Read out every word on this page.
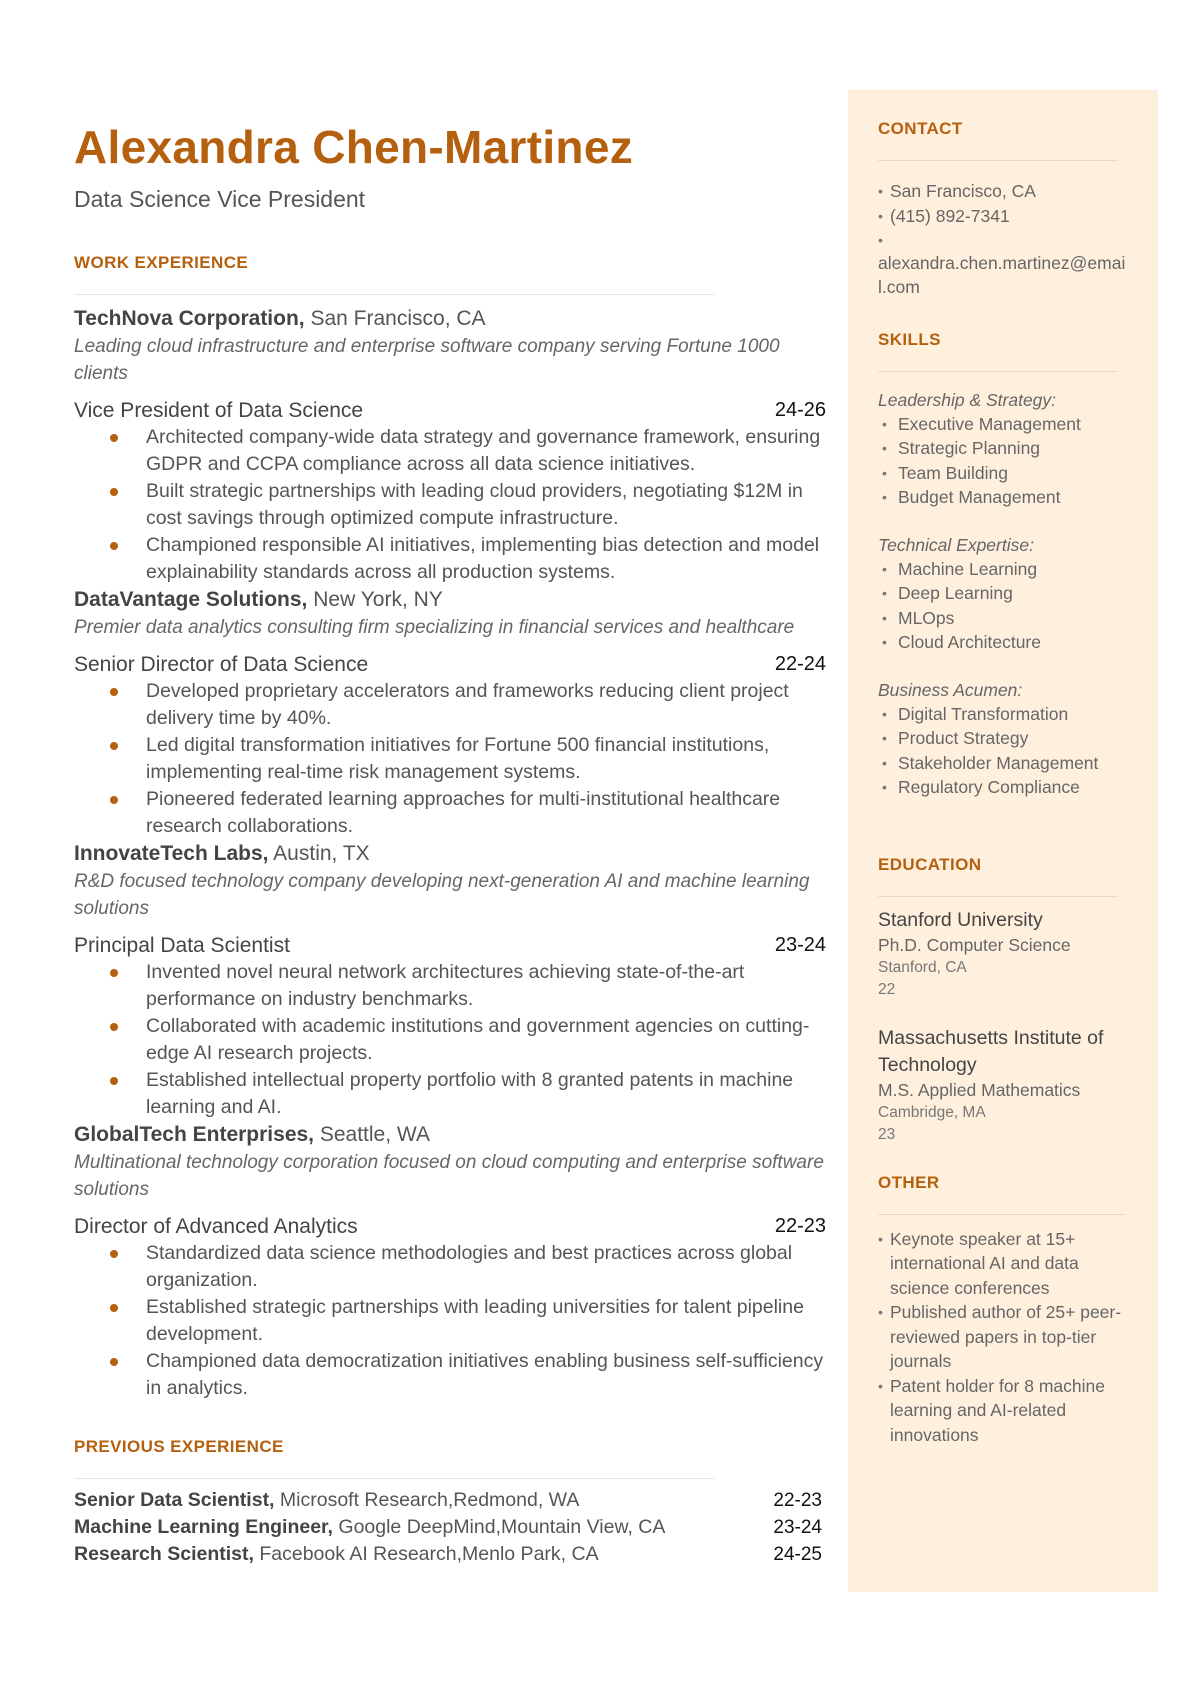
Alexandra Chen-Martinez
Data Science Vice President
WORK EXPERIENCE
TechNova Corporation, San Francisco, CA
Leading cloud infrastructure and enterprise software company serving Fortune 1000 clients
Vice President of Data Science	24-26
Architected company-wide data strategy and governance framework, ensuring GDPR and CCPA compliance across all data science initiatives.
Built strategic partnerships with leading cloud providers, negotiating $12M in cost savings through optimized compute infrastructure.
Championed responsible AI initiatives, implementing bias detection and model explainability standards across all production systems.
DataVantage Solutions, New York, NY
Premier data analytics consulting firm specializing in financial services and healthcare
Senior Director of Data Science	22-24
Developed proprietary accelerators and frameworks reducing client project delivery time by 40%.
Led digital transformation initiatives for Fortune 500 financial institutions, implementing real-time risk management systems.
Pioneered federated learning approaches for multi-institutional healthcare research collaborations.
InnovateTech Labs, Austin, TX
R&D focused technology company developing next-generation AI and machine learning solutions
Principal Data Scientist	23-24
Invented novel neural network architectures achieving state-of-the-art performance on industry benchmarks.
Collaborated with academic institutions and government agencies on cutting-edge AI research projects.
Established intellectual property portfolio with 8 granted patents in machine learning and AI.
GlobalTech Enterprises, Seattle, WA
Multinational technology corporation focused on cloud computing and enterprise software solutions
Director of Advanced Analytics	22-23
Standardized data science methodologies and best practices across global organization.
Established strategic partnerships with leading universities for talent pipeline development.
Championed data democratization initiatives enabling business self-sufficiency in analytics.
PREVIOUS EXPERIENCE
Senior Data Scientist, Microsoft Research,Redmond, WA	22-23
Machine Learning Engineer, Google DeepMind,Mountain View, CA	23-24
Research Scientist, Facebook AI Research,Menlo Park, CA	24-25
CONTACT
• San Francisco, CA
• (415) 892-7341
•
alexandra.chen.martinez@email.com
SKILLS
Leadership & Strategy:
• Executive Management
• Strategic Planning
• Team Building
• Budget Management
Technical Expertise:
• Machine Learning
• Deep Learning
• MLOps
• Cloud Architecture
Business Acumen:
• Digital Transformation
• Product Strategy
• Stakeholder Management
• Regulatory Compliance
EDUCATION
Stanford University
Ph.D. Computer Science
Stanford, CA
22
Massachusetts Institute of Technology
M.S. Applied Mathematics
Cambridge, MA
23
OTHER
• Keynote speaker at 15+ international AI and data science conferences
• Published author of 25+ peer-reviewed papers in top-tier journals
• Patent holder for 8 machine learning and AI-related innovations
